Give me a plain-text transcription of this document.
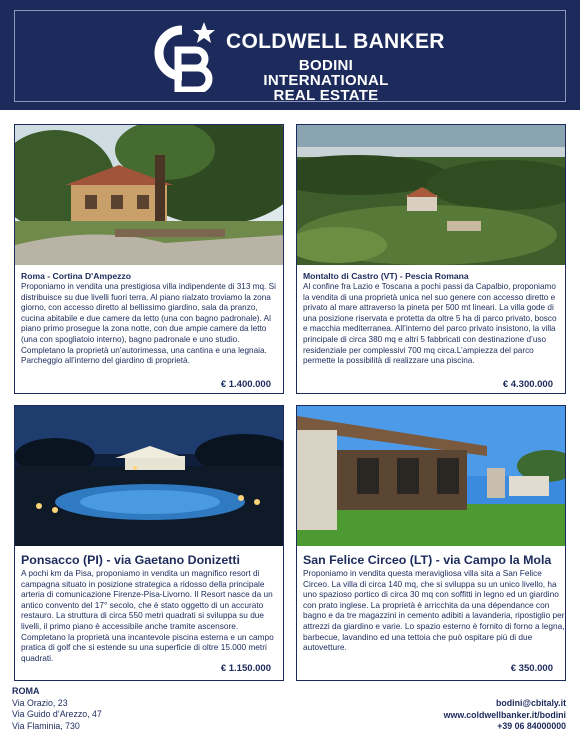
COLDWELL BANKER
BODINI INTERNATIONAL
REAL ESTATE
Roma - Cortina D'Ampezzo
Proponiamo in vendita una prestigiosa villa indipendente di 313 mq. Si distribuisce su due livelli fuori terra. Al piano rialzato troviamo la zona giorno, con accesso diretto al bellissimo giardino, sala da pranzo, cucina abitabile e due camere da letto (una con bagno padronale). Al piano primo prosegue la zona notte, con due ampie camere da letto (una con spogliatoio interno), bagno padronale e uno studio. Completano la proprietà un’autorimessa, una cantina e una legnaia. Parcheggio all’interno del giardino di proprietà.
€ 1.400.000
Montalto di Castro (VT) - Pescia Romana
Al confine fra Lazio e Toscana a pochi passi da Capalbio, proponiamo la vendita di una proprietà unica nel suo genere con accesso diretto e privato al mare attraverso la pineta per 500 mt lineari. La villa gode di una posizione riservata e protetta da oltre 5 ha di parco privato, bosco e macchia mediterranea. All’interno del parco privato insistono, la villa principale di circa 380 mq e altri 5 fabbricati con destinazione d’uso residenziale per complessivi 700 mq circa.L’ampiezza del parco permette la possibilità di realizzare una piscina.
€ 4.300.000
Ponsacco (PI) - via Gaetano Donizetti
A pochi km da Pisa, proponiamo in vendita un magnifico resort di campagna situato in posizione strategica a ridosso della principale arteria di comunicazione Firenze-Pisa-Livorno. Il Resort nasce da un antico convento del 17° secolo, che è stato oggetto di un accurato restauro. La struttura di circa 550 metri quadrati si sviluppa su due livelli, il primo piano è accessibile anche tramite ascensore. Completano la proprietà una incantevole piscina esterna e un campo pratica di golf che si estende su una superficie di oltre 15.000 metri quadrati.
€ 1.150.000
San Felice Circeo (LT) - via Campo la Mola
Proponiamo in vendita questa meravigliosa villa sita a San Felice Circeo. La villa di circa 140 mq, che si sviluppa su un unico livello, ha uno spazioso portico di circa 30 mq con soffitti in legno ed un giardino con prato inglese. La proprietà è arricchita da una dépendance con bagno e da tre magazzini in cemento adibiti a lavanderia, ripostiglio per attrezzi da giardino e varie. Lo spazio esterno è fornito di forno a legna, barbecue, lavandino ed una tettoia che può ospitare più di due autovetture.
€ 350.000
ROMA
Via Orazio, 23
Via Guido d’Arezzo, 47
Via Flaminia, 730
bodini@cbitaly.it
www.coldwellbanker.it/bodini
+39 06 84000000
